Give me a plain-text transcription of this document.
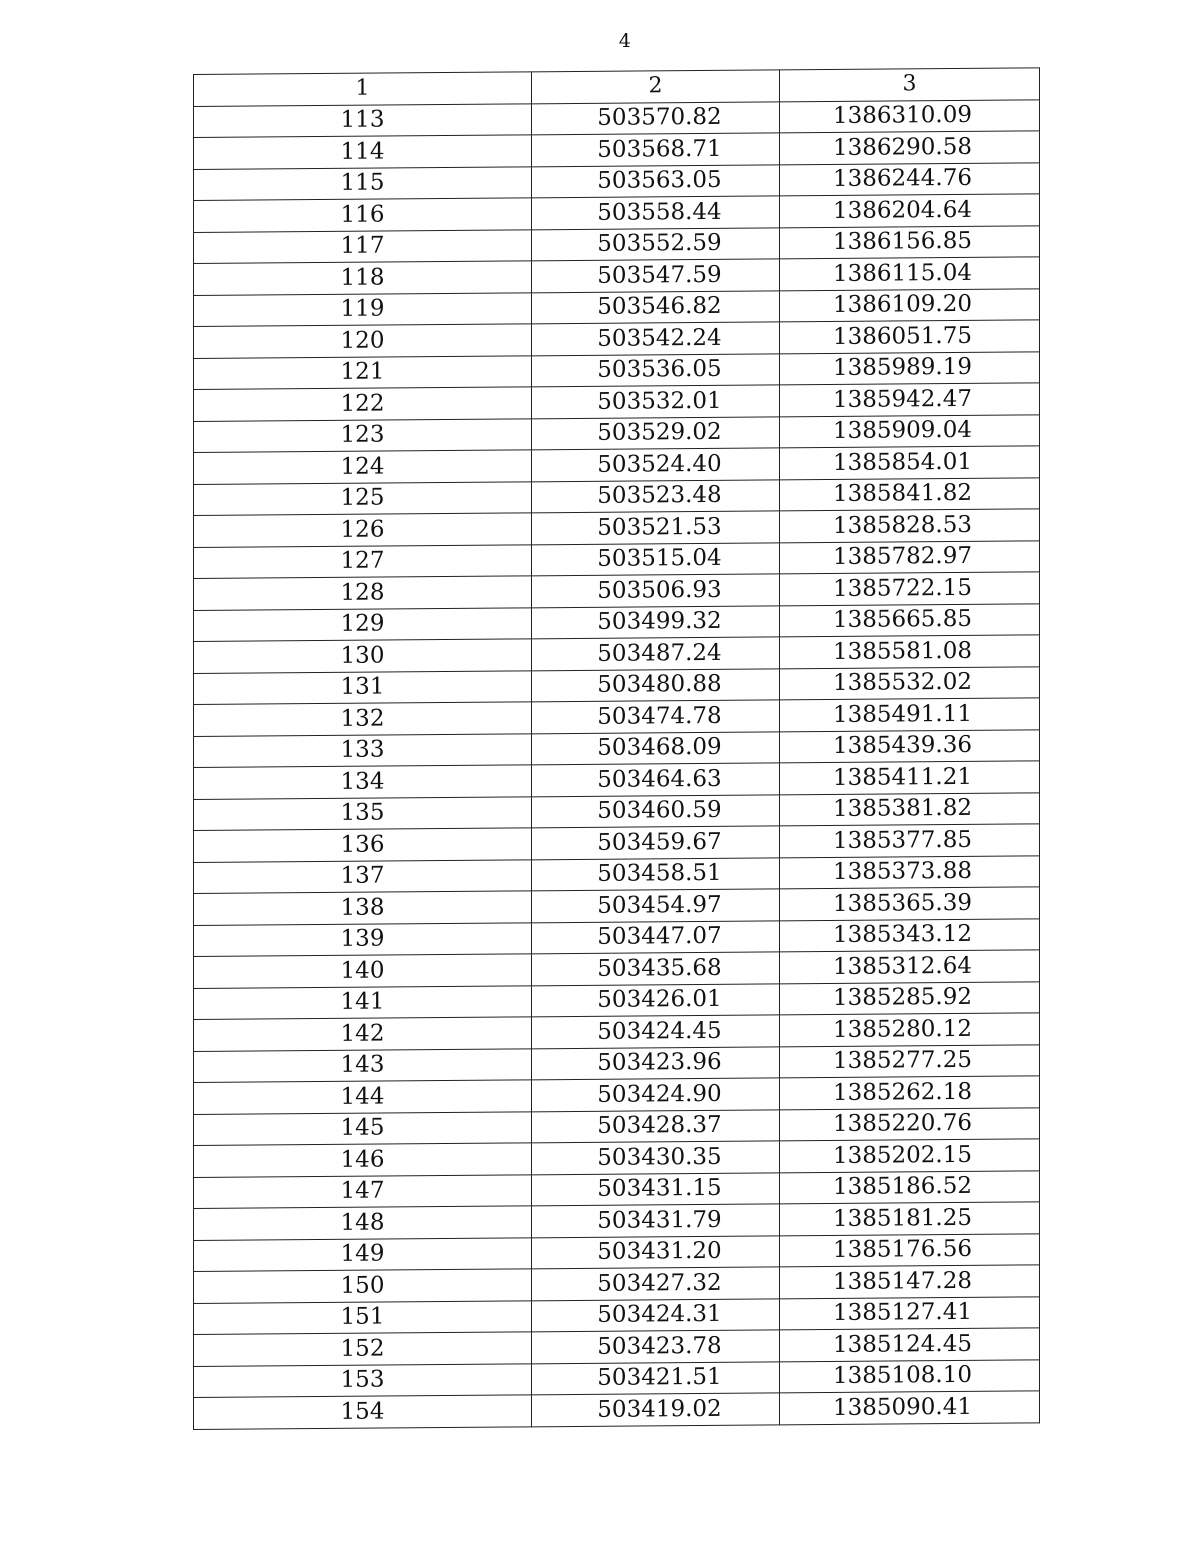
4
1	2	3
113	503570.82	1386310.09
114	503568.71	1386290.58
115	503563.05	1386244.76
116	503558.44	1386204.64
117	503552.59	1386156.85
118	503547.59	1386115.04
119	503546.82	1386109.20
120	503542.24	1386051.75
121	503536.05	1385989.19
122	503532.01	1385942.47
123	503529.02	1385909.04
124	503524.40	1385854.01
125	503523.48	1385841.82
126	503521.53	1385828.53
127	503515.04	1385782.97
128	503506.93	1385722.15
129	503499.32	1385665.85
130	503487.24	1385581.08
131	503480.88	1385532.02
132	503474.78	1385491.11
133	503468.09	1385439.36
134	503464.63	1385411.21
135	503460.59	1385381.82
136	503459.67	1385377.85
137	503458.51	1385373.88
138	503454.97	1385365.39
139	503447.07	1385343.12
140	503435.68	1385312.64
141	503426.01	1385285.92
142	503424.45	1385280.12
143	503423.96	1385277.25
144	503424.90	1385262.18
145	503428.37	1385220.76
146	503430.35	1385202.15
147	503431.15	1385186.52
148	503431.79	1385181.25
149	503431.20	1385176.56
150	503427.32	1385147.28
151	503424.31	1385127.41
152	503423.78	1385124.45
153	503421.51	1385108.10
154	503419.02	1385090.41
